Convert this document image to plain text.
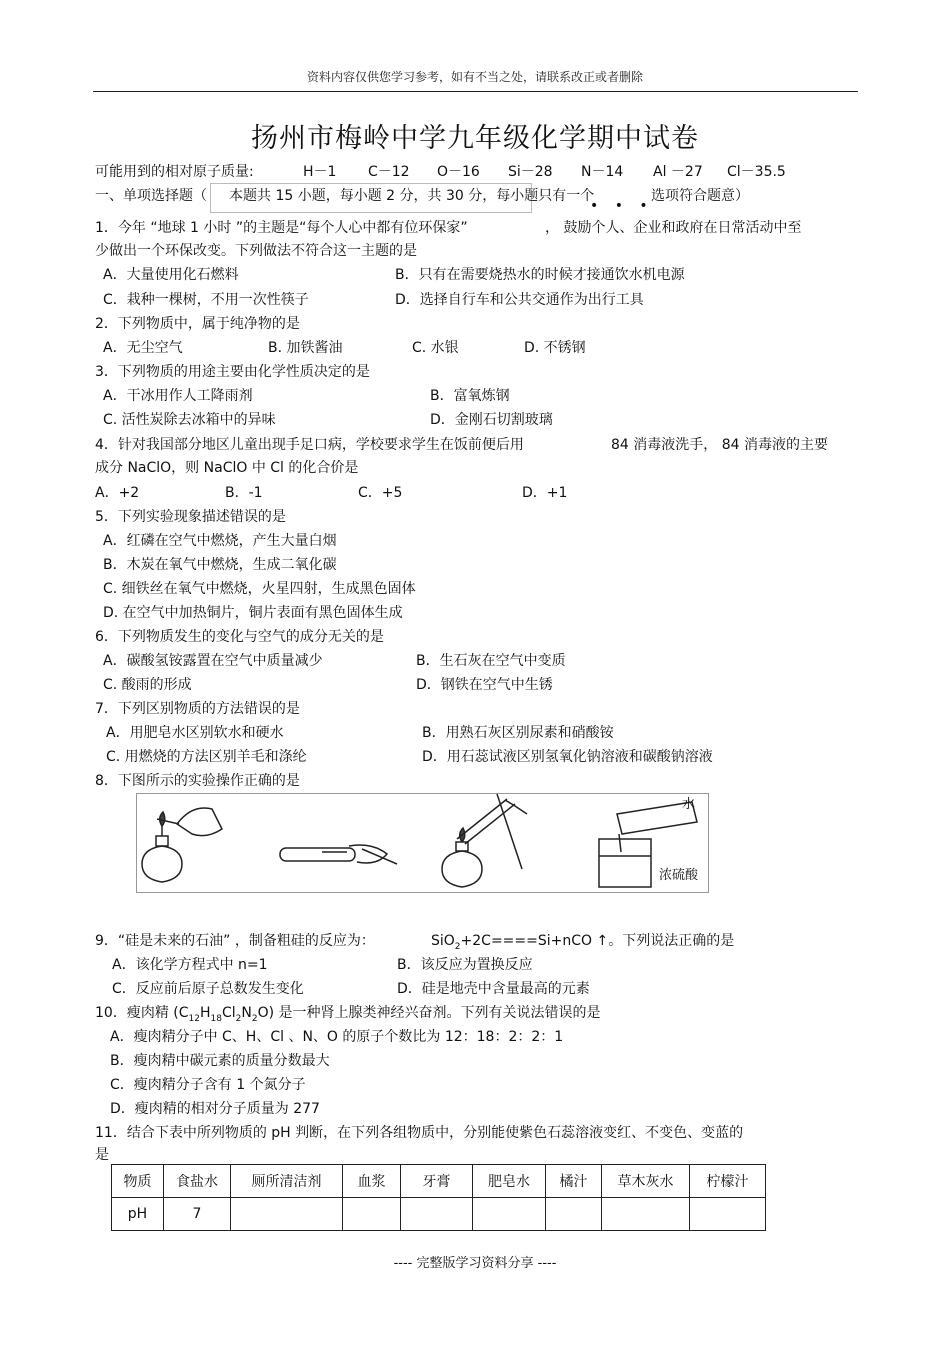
资料内容仅供您学习参考，如有不当之处，请联系改正或者删除
扬州市梅岭中学九年级化学期中试卷
可能用到的相对原子质量:	H－1 C－12 O－16 Si－28 N－14 Al －27 Cl－35.5
一、单项选择题（ 本题共 15 小题，每小题 2 分，共 30 分，每小题只有一个	选项符合题意）
• • •
1．今年 “地球 1 小时 ”的主题是“每个人心中都有位环保家”	， 鼓励个人、企业和政府在日常活动中至
少做出一个环保改变。下列做法不符合这一主题的是
A．大量使用化石燃料	B．只有在需要烧热水的时候才接通饮水机电源
C．栽种一棵树，不用一次性筷子	D．选择自行车和公共交通作为出行工具
2．下列物质中，属于纯净物的是
A．无尘空气	B. 加铁酱油	C. 水银	D. 不锈钢
3．下列物质的用途主要由化学性质决定的是
A．干冰用作人工降雨剂	B．富氧炼钢
C. 活性炭除去冰箱中的异味	D．金刚石切割玻璃
4．针对我国部分地区儿童出现手足口病，学校要求学生在饭前便后用	84 消毒液洗手， 84 消毒液的主要
成分 NaClO，则 NaClO 中 Cl 的化合价是
A．+2	B．-1	C．+5	D．+1
5．下列实验现象描述错误的是
A．红磷在空气中燃烧，产生大量白烟
B．木炭在氧气中燃烧，生成二氧化碳
C. 细铁丝在氧气中燃烧，火星四射，生成黑色固体
D. 在空气中加热铜片，铜片表面有黑色固体生成
6．下列物质发生的变化与空气的成分无关的是
A．碳酸氢铵露置在空气中质量减少	B．生石灰在空气中变质
C. 酸雨的形成	D．钢铁在空气中生锈
7．下列区别物质的方法错误的是
A．用肥皂水区别软水和硬水	B．用熟石灰区别尿素和硝酸铵
C. 用燃烧的方法区别羊毛和涤纶	D．用石蕊试液区别氢氧化钠溶液和碳酸钠溶液
8．下图所示的实验操作正确的是
水
浓硫酸
9．“硅是未来的石油” ，制备粗硅的反应为：	SiO$_2$+2C====Si+nCO ↑。下列说法正确的是
A．该化学方程式中 n=1	B．该反应为置换反应
C．反应前后原子总数发生变化	D．硅是地壳中含量最高的元素
10．瘦肉精 $(C_{12}H_{18}Cl_2N_2O)$ 是一种肾上腺类神经兴奋剂。下列有关说法错误的是
A．瘦肉精分子中 C、H、Cl 、N、O 的原子个数比为 12：18：2：2：1
B．瘦肉精中碳元素的质量分数最大
C．瘦肉精分子含有 1 个氮分子
D．瘦肉精的相对分子质量为 277
11．结合下表中所列物质的 pH 判断，在下列各组物质中，分别能使紫色石蕊溶液变红、不变色、变蓝的
是
物质	食盐水	厕所清洁剂	血浆	牙膏	肥皂水	橘汁	草木灰水	柠檬汁
pH	7							
---- 完整版学习资料分享 ----
